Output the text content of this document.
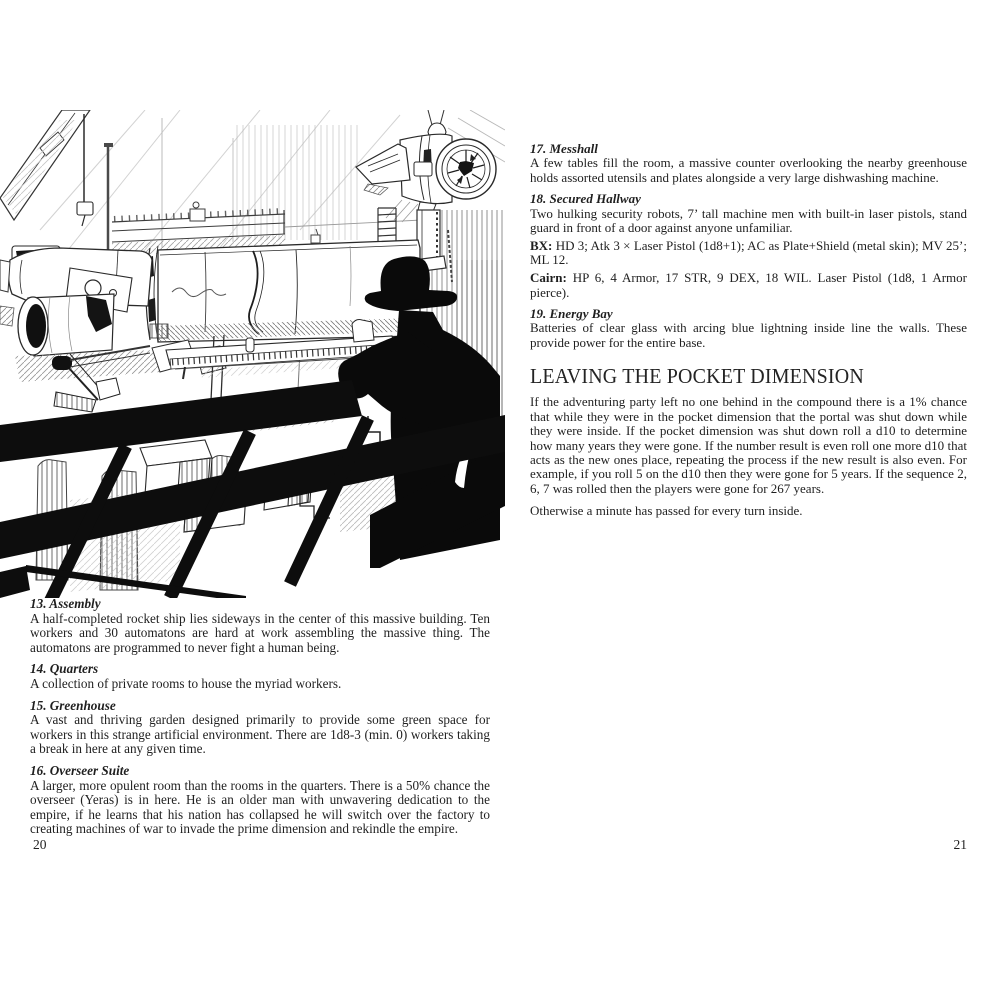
13. Assembly

A half-completed rocket ship lies sideways in the center of this massive building. Ten workers and 30 automatons are hard at work assembling the massive thing. The automatons are programmed to never fight a human being.

14. Quarters

A collection of private rooms to house the myriad workers.

15. Greenhouse

A vast and thriving garden designed primarily to provide some green space for workers in this strange artificial environment. There are 1d8-3 (min. 0) workers taking a break in here at any given time.

16. Overseer Suite

A larger, more opulent room than the rooms in the quarters. There is a 50% chance the overseer (Yeras) is in here. He is an older man with unwavering dedication to the empire, if he learns that his nation has collapsed he will switch over the factory to creating machines of war to invade the prime dimension and rekindle the empire.

17. Messhall

A few tables fill the room, a massive counter overlooking the nearby greenhouse holds assorted utensils and plates alongside a very large dishwashing machine.

18. Secured Hallway

Two hulking security robots, 7’ tall machine men with built-in laser pistols, stand guard in front of a door against anyone unfamiliar.

BX: HD 3; Atk 3 × Laser Pistol (1d8+1); AC as Plate+Shield (metal skin); MV 25’; ML 12.

Cairn: HP 6, 4 Armor, 17 STR, 9 DEX, 18 WIL. Laser Pistol (1d8, 1 Armor pierce).

19. Energy Bay

Batteries of clear glass with arcing blue lightning inside line the walls. These provide power for the entire base.

LEAVING THE POCKET DIMENSION

If the adventuring party left no one behind in the compound there is a 1% chance that while they were in the pocket dimension that the portal was shut down while they were inside. If the pocket dimension was shut down roll a d10 to determine how many years they were gone. If the number result is even roll one more d10 that acts as the new ones place, repeating the process if the new result is also even. For example, if you roll 5 on the d10 then they were gone for 5 years. If the sequence 2, 6, 7 was rolled then the players were gone for 267 years.

Otherwise a minute has passed for every turn inside.

20	21
